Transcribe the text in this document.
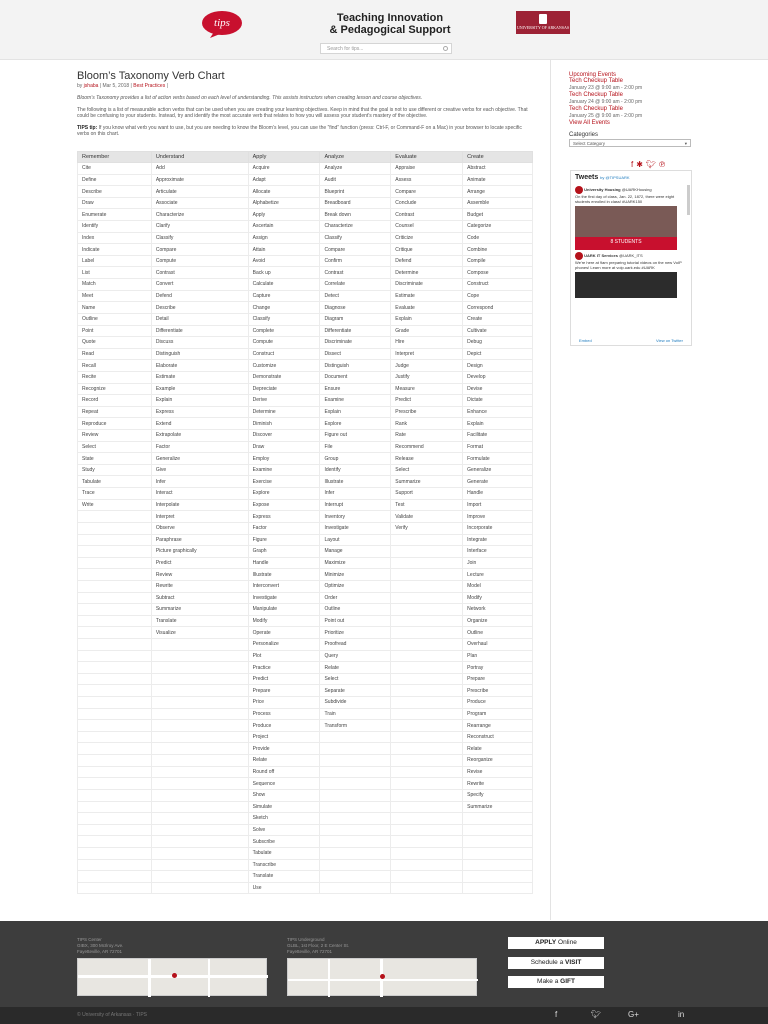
tips	Teaching Innovation
& Pedagogical Support	UNIVERSITY OF ARKANSAS
Search for tips...
Bloom’s Taxonomy Verb Chart
by jshaba | Mar 5, 2018 | Best Practices |
Bloom’s Taxonomy provides a list of action verbs based on each level of understanding. This assists instructors when creating lesson and course objectives.
The following is a list of measurable action verbs that can be used when you are creating your learning objectives. Keep in mind that the goal is not to use different or creative verbs for each objective. That could be confusing to your students. Instead, try and identify the most accurate verb that relates to how you will assess your student’s mastery of the objective.
TIPS tip: If you know what verb you want to use, but you are needing to know the Bloom’s level, you can use the “find” function (press: Ctrl-F, or Command-F on a Mac) in your browser to locate specific verbs on this chart.
Remember	Understand	Apply	Analyze	Evaluate	Create
Cite	Add	Acquire	Analyze	Appraise	Abstract
Define	Approximate	Adapt	Audit	Assess	Animate
Describe	Articulate	Allocate	Blueprint	Compare	Arrange
Draw	Associate	Alphabetize	Breadboard	Conclude	Assemble
Enumerate	Characterize	Apply	Break down	Contrast	Budget
Identify	Clarify	Ascertain	Characterize	Counsel	Categorize
Index	Classify	Assign	Classify	Criticize	Code
Indicate	Compare	Attain	Compare	Critique	Combine
Label	Compute	Avoid	Confirm	Defend	Compile
List	Contrast	Back up	Contrast	Determine	Compose
Match	Convert	Calculate	Correlate	Discriminate	Construct
Meet	Defend	Capture	Detect	Estimate	Cope
Name	Describe	Change	Diagnose	Evaluate	Correspond
Outline	Detail	Classify	Diagram	Explain	Create
Point	Differentiate	Complete	Differentiate	Grade	Cultivate
Quote	Discuss	Compute	Discriminate	Hire	Debug
Read	Distinguish	Construct	Dissect	Interpret	Depict
Recall	Elaborate	Customize	Distinguish	Judge	Design
Recite	Estimate	Demonstrate	Document	Justify	Develop
Recognize	Example	Depreciate	Ensure	Measure	Devise
Record	Explain	Derive	Examine	Predict	Dictate
Repeat	Express	Determine	Explain	Prescribe	Enhance
Reproduce	Extend	Diminish	Explore	Rank	Explain
Review	Extrapolate	Discover	Figure out	Rate	Facilitate
Select	Factor	Draw	File	Recommend	Format
State	Generalize	Employ	Group	Release	Formulate
Study	Give	Examine	Identify	Select	Generalize
Tabulate	Infer	Exercise	Illustrate	Summarize	Generate
Trace	Interact	Explore	Infer	Support	Handle
Write	Interpolate	Expose	Interrupt	Test	Import
	Interpret	Express	Inventory	Validate	Improve
	Observe	Factor	Investigate	Verify	Incorporate
	Paraphrase	Figure	Layout		Integrate
	Picture graphically	Graph	Manage		Interface
	Predict	Handle	Maximize		Join
	Review	Illustrate	Minimize		Lecture
	Rewrite	Interconvert	Optimize		Model
	Subtract	Investigate	Order		Modify
	Summarize	Manipulate	Outline		Network
	Translate	Modify	Point out		Organize
	Visualize	Operate	Prioritize		Outline
		Personalize	Proofread		Overhaul
		Plot	Query		Plan
		Practice	Relate		Portray
		Predict	Select		Prepare
		Prepare	Separate		Prescribe
		Price	Subdivide		Produce
		Process	Train		Program
		Produce	Transform		Rearrange
		Project			Reconstruct
		Provide			Relate
		Relate			Reorganize
		Round off			Revise
		Sequence			Rewrite
		Show			Specify
		Simulate			Summarize
		Sketch			
		Solve			
		Subscribe			
		Tabulate			
		Transcribe			
		Translate			
		Use			
Upcoming Events
Tech Checkup Table
January 23 @ 9:00 am - 2:00 pm
Tech Checkup Table
January 24 @ 9:00 am - 2:00 pm
Tech Checkup Table
January 25 @ 9:00 am - 2:00 pm
View All Events
Categories
Select Category	▾
f✱🐦︎℗
Tweets by @TIPSUARK
University Housing @UARKHousing
On the first day of class, Jan. 22, 1872, there were eight students enrolled in class! #UARK150
8 STUDENTS
UARK IT Services @UARK_ITS
We're here at 9am preparing tutorial videos on the new VoIP phones! Learn more at voip.uark.edu #UARK
Embed	View on Twitter
TIPS Center
GIBX, 300 McIlroy Ave.
Fayetteville, AR 72701
TIPS Underground
GLBL, 1st Floor, 2 E Center St.
Fayetteville, AR 72701
APPLY Online
Schedule a VISIT
Make a GIFT
© University of Arkansas · TIPS	f	🐦︎	G+	in
